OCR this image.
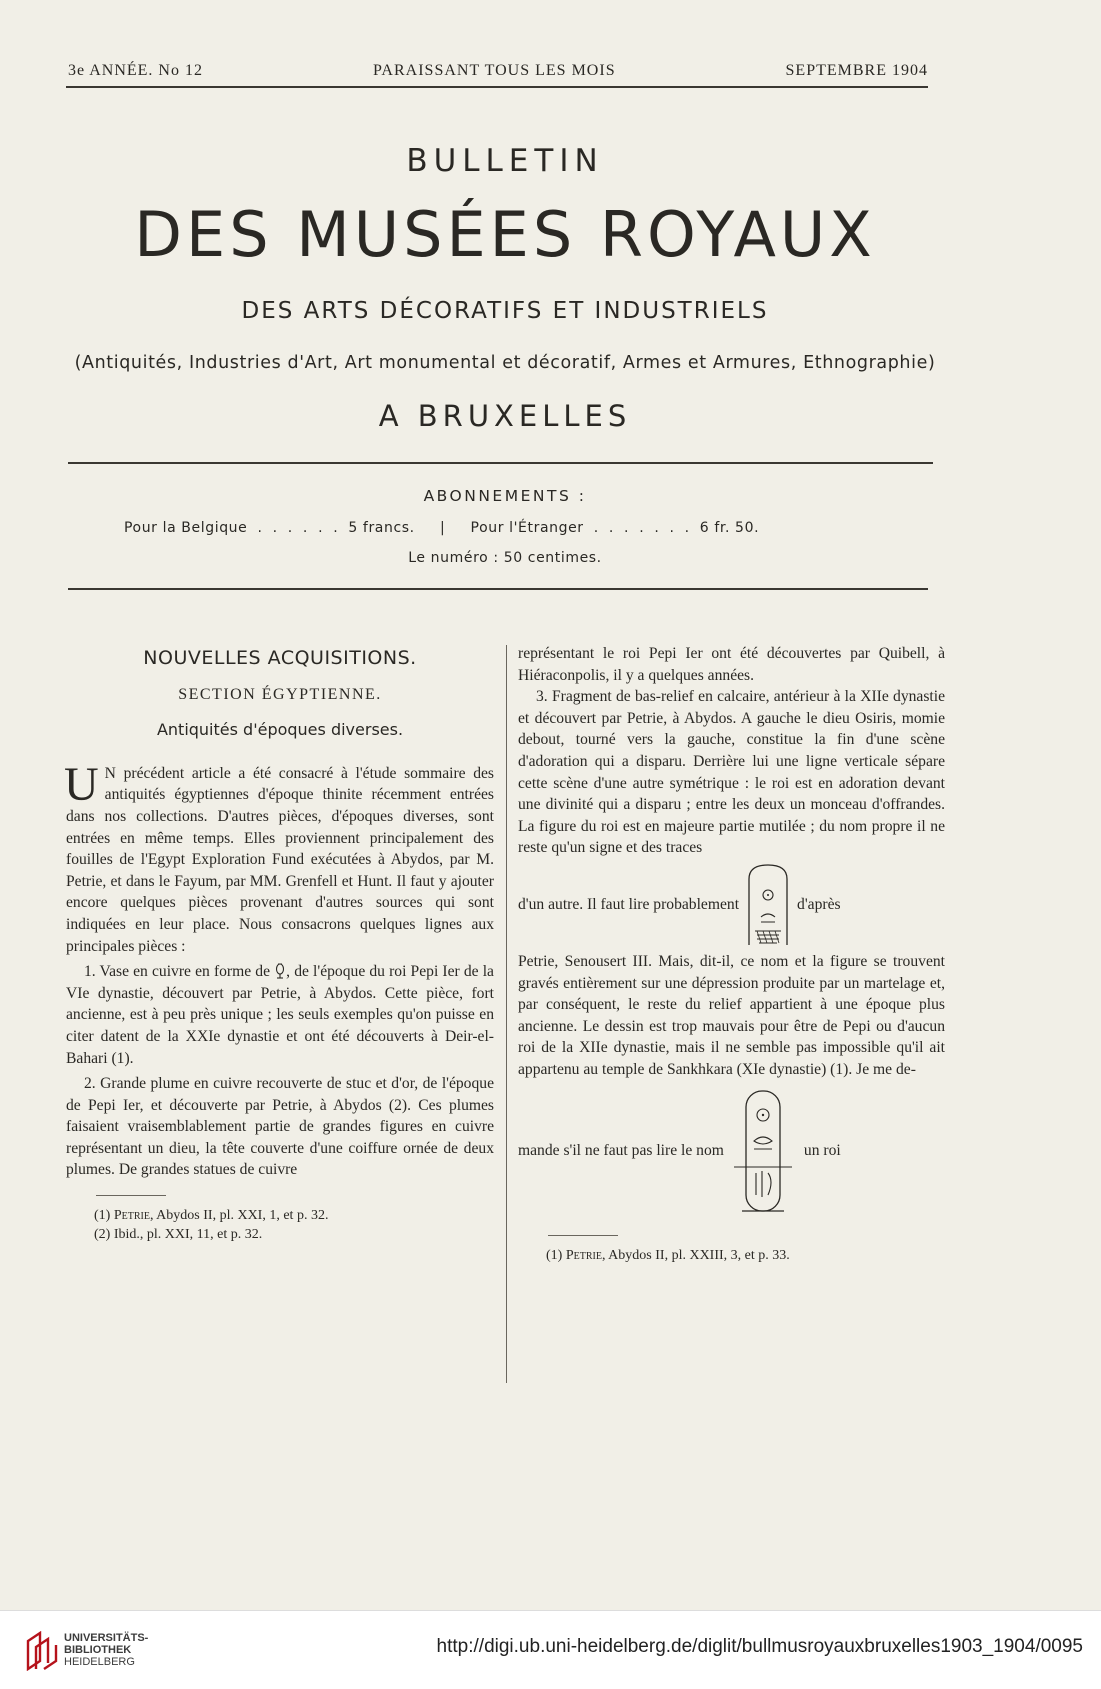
3e ANNÉE. No 12	PARAISSANT TOUS LES MOIS	SEPTEMBRE 1904
BULLETIN
DES MUSÉES ROYAUX
DES ARTS DÉCORATIFS ET INDUSTRIELS
(Antiquités, Industries d'Art, Art monumental et décoratif, Armes et Armures, Ethnographie)
A BRUXELLES
ABONNEMENTS :
Pour la Belgique  .  .  .  .  .  .  5 francs.     |     Pour l'Étranger  .  .  .  .  .  .  .  6 fr. 50.
Le numéro : 50 centimes.
NOUVELLES ACQUISITIONS.
SECTION ÉGYPTIENNE.
Antiquités d'époques diverses.

U N précédent article a été consacré à l'étude sommaire des antiquités égyptiennes d'époque thinite récemment entrées dans nos collections. D'autres pièces, d'époques diverses, sont entrées en même temps. Elles proviennent principalement des fouilles de l'Egypt Exploration Fund exécutées à Abydos, par M. Petrie, et dans le Fayum, par MM. Grenfell et Hunt. Il faut y ajouter encore quelques pièces provenant d'autres sources qui sont indiquées en leur place. Nous consacrons quelques lignes aux principales pièces :

1. Vase en cuivre en forme de , de l'époque du roi Pepi Ier de la VIe dynastie, découvert par Petrie, à Abydos. Cette pièce, fort ancienne, est à peu près unique ; les seuls exemples qu'on puisse en citer datent de la XXIe dynastie et ont été découverts à Deir-el-Bahari (1).

2. Grande plume en cuivre recouverte de stuc et d'or, de l'époque de Pepi Ier, et découverte par Petrie, à Abydos (2). Ces plumes faisaient vraisemblablement partie de grandes figures en cuivre représentant un dieu, la tête couverte d'une coiffure ornée de deux plumes. De grandes statues de cuivre

(1) Petrie, Abydos II, pl. XXI, 1, et p. 32.

(2) Ibid., pl. XXI, 11, et p. 32.

représentant le roi Pepi Ier ont été découvertes par Quibell, à Hiéraconpolis, il y a quelques années.

3. Fragment de bas-relief en calcaire, antérieur à la XIIe dynastie et découvert par Petrie, à Abydos. A gauche le dieu Osiris, momie debout, tourné vers la gauche, constitue la fin d'une scène d'adoration qui a disparu. Derrière lui une ligne verticale sépare cette scène d'une autre symétrique : le roi est en adoration devant une divinité qui a disparu ; entre les deux un monceau d'offrandes. La figure du roi est en majeure partie mutilée ; du nom propre il ne reste qu'un signe et des traces

d'un autre. Il faut lire probablement	d'après

Petrie, Senousert III. Mais, dit-il, ce nom et la figure se trouvent gravés entièrement sur une dépression produite par un martelage et, par conséquent, le reste du relief appartient à une époque plus ancienne. Le dessin est trop mauvais pour être de Pepi ou d'aucun roi de la XIIe dynastie, mais il ne semble pas impossible qu'il ait appartenu au temple de Sankhkara (XIe dynastie) (1). Je me de-

mande s'il ne faut pas lire le nom	un roi

(1) Petrie, Abydos II, pl. XXIII, 3, et p. 33.

UNIVERSITÄTS-
BIBLIOTHEK
HEIDELBERG
http://digi.ub.uni-heidelberg.de/diglit/bullmusroyauxbruxelles1903_1904/0095
